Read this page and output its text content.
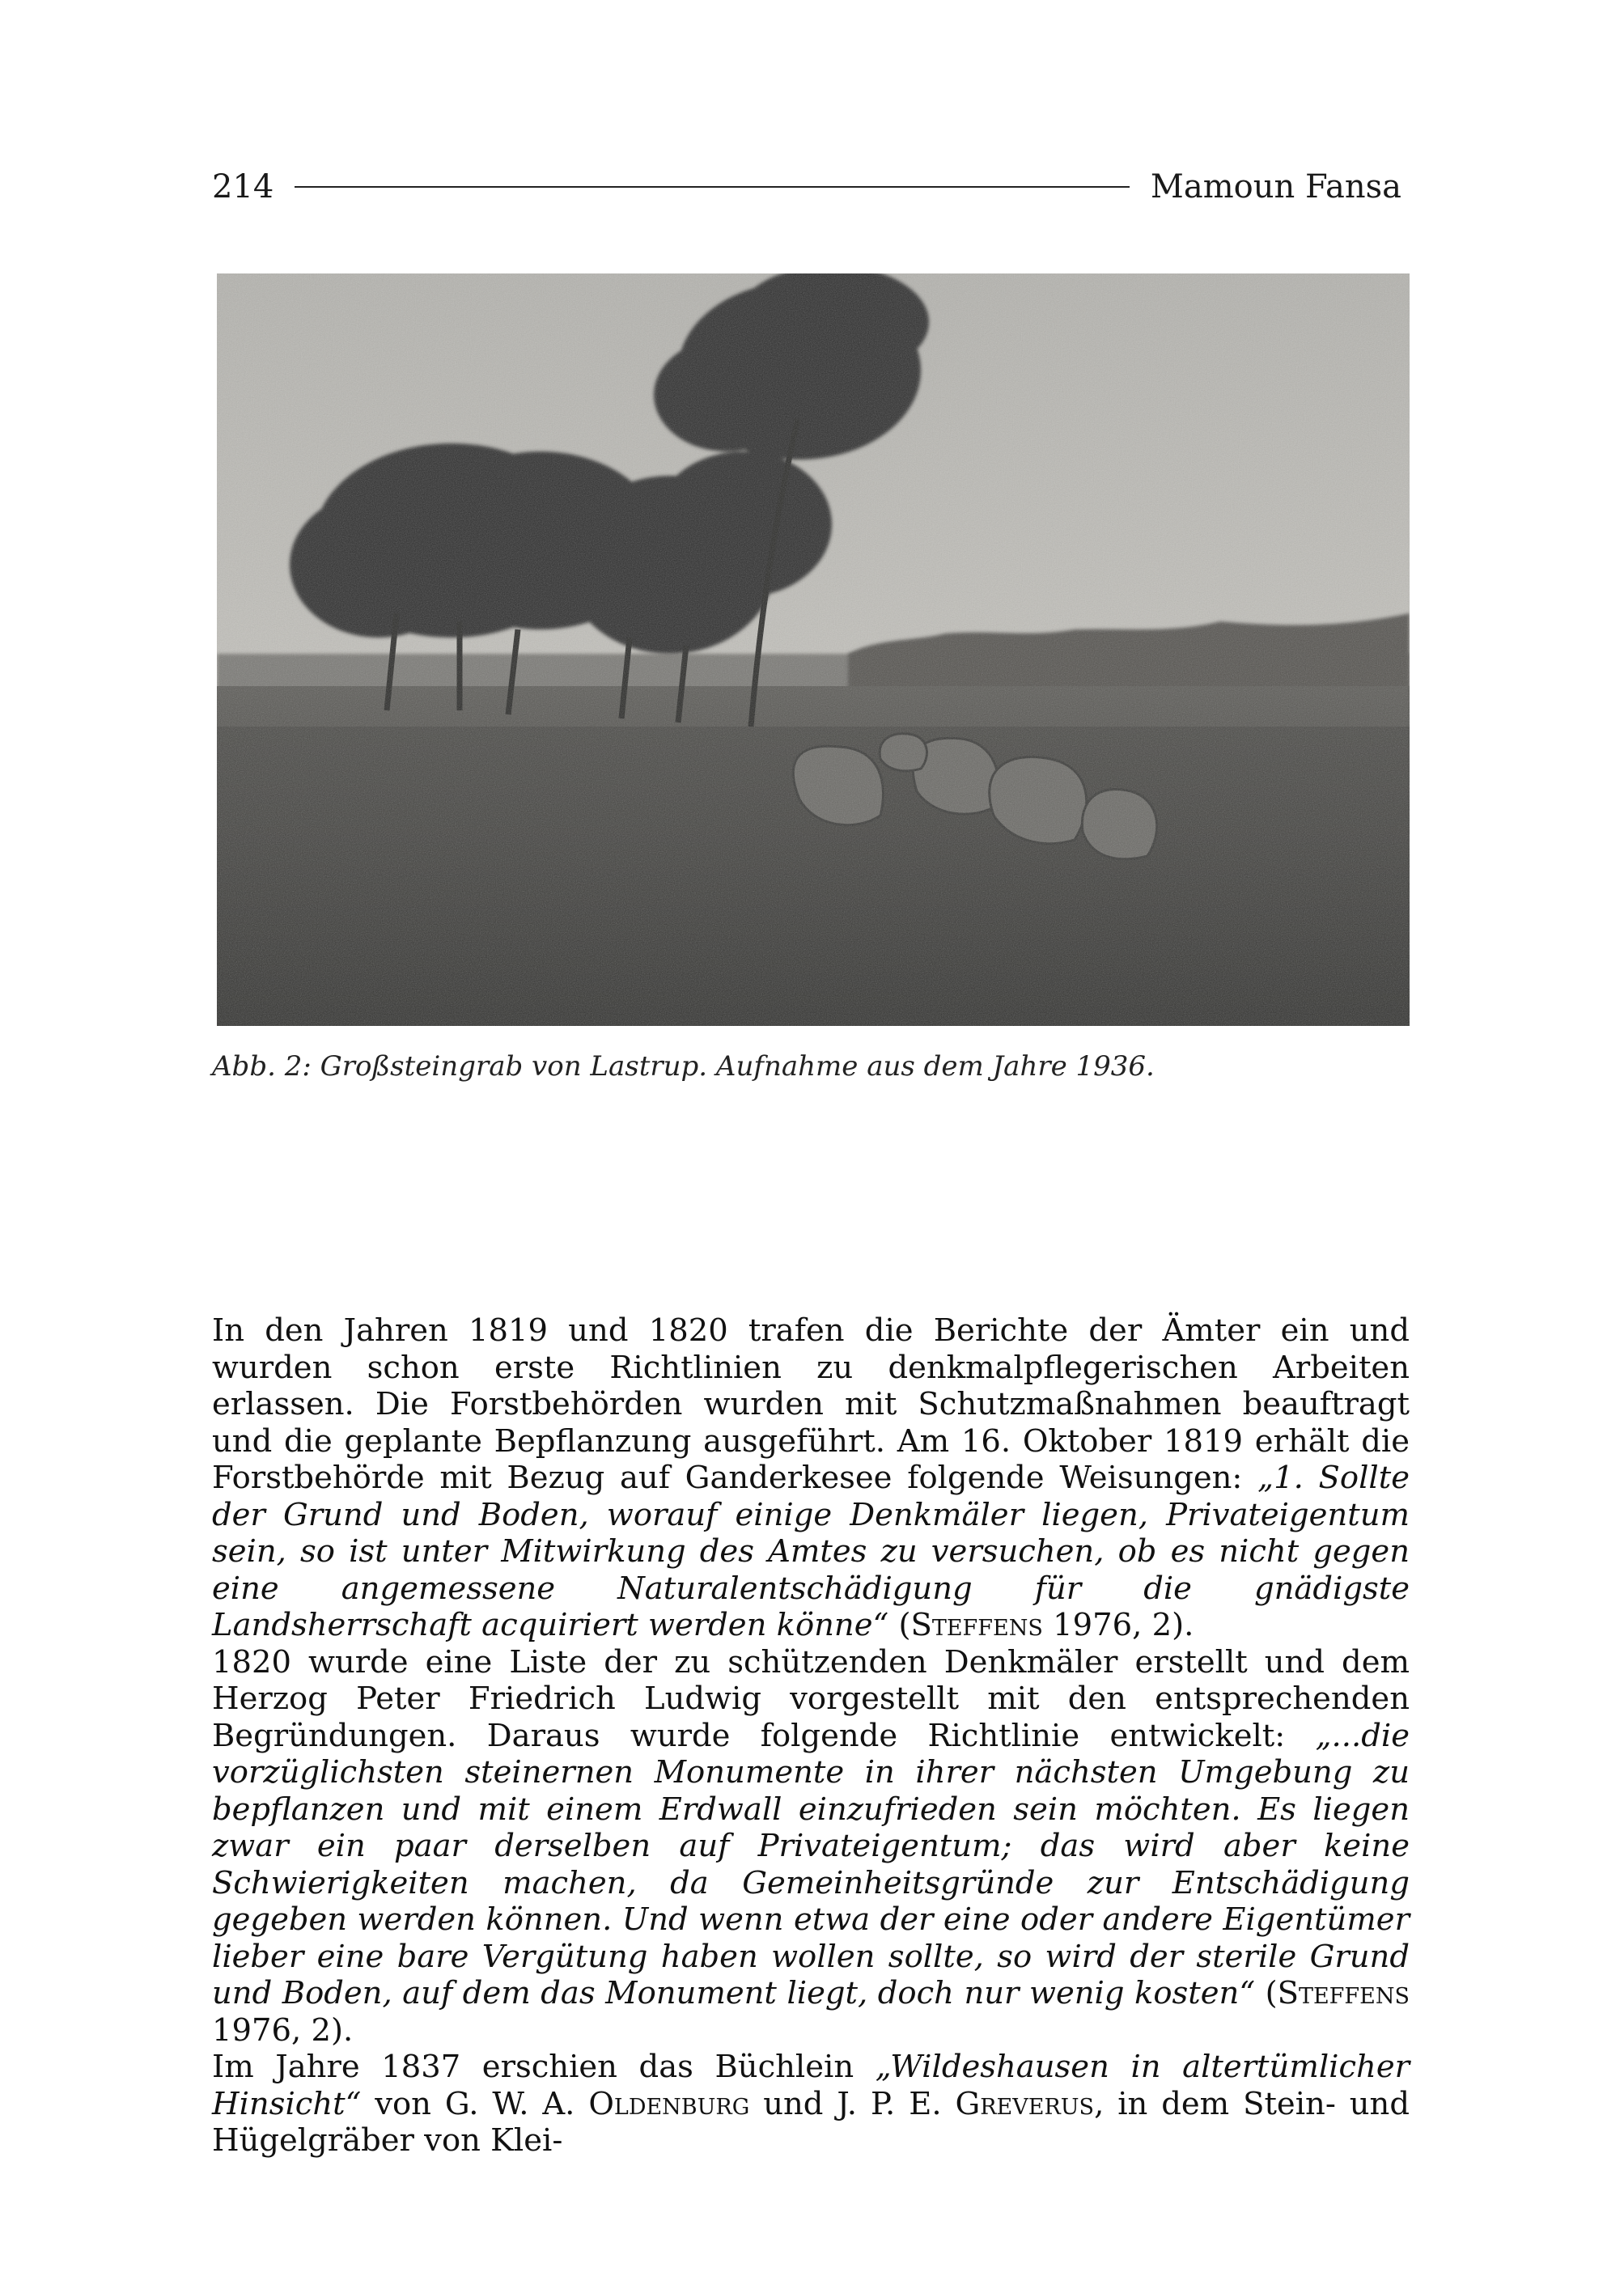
214	Mamoun Fansa
Abb. 2: Großsteingrab von Lastrup. Aufnahme aus dem Jahre 1936.

In den Jahren 1819 und 1820 trafen die Berichte der Ämter ein und wurden schon erste Richtlinien zu denkmalpflegerischen Arbeiten erlassen. Die Forstbehörden wurden mit Schutzmaßnahmen beauftragt und die geplante Bepflanzung ausgeführt. Am 16. Oktober 1819 erhält die Forstbehörde mit Bezug auf Ganderkesee folgende Weisungen: „1. Sollte der Grund und Boden, worauf einige Denkmäler liegen, Privateigentum sein, so ist unter Mitwirkung des Amtes zu versuchen, ob es nicht gegen eine angemessene Naturalentschädigung für die gnädigste Landsherrschaft acquiriert werden könne“ (Steffens 1976, 2).

1820 wurde eine Liste der zu schützenden Denkmäler erstellt und dem Herzog Peter Friedrich Ludwig vorgestellt mit den entsprechenden Begründungen. Daraus wurde folgende Richtlinie entwickelt: „...die vorzüglichsten steinernen Monumente in ihrer nächsten Umgebung zu bepflanzen und mit einem Erdwall einzufrieden sein möchten. Es liegen zwar ein paar derselben auf Privateigentum; das wird aber keine Schwierigkeiten machen, da Gemeinheitsgründe zur Entschädigung gegeben werden können. Und wenn etwa der eine oder andere Eigentümer lieber eine bare Vergütung haben wollen sollte, so wird der sterile Grund und Boden, auf dem das Monument liegt, doch nur wenig kosten“ (Steffens 1976, 2).

Im Jahre 1837 erschien das Büchlein „Wildeshausen in altertümlicher Hinsicht“ von G. W. A. Oldenburg und J. P. E. Greverus, in dem Stein- und Hügelgräber von Klei-
